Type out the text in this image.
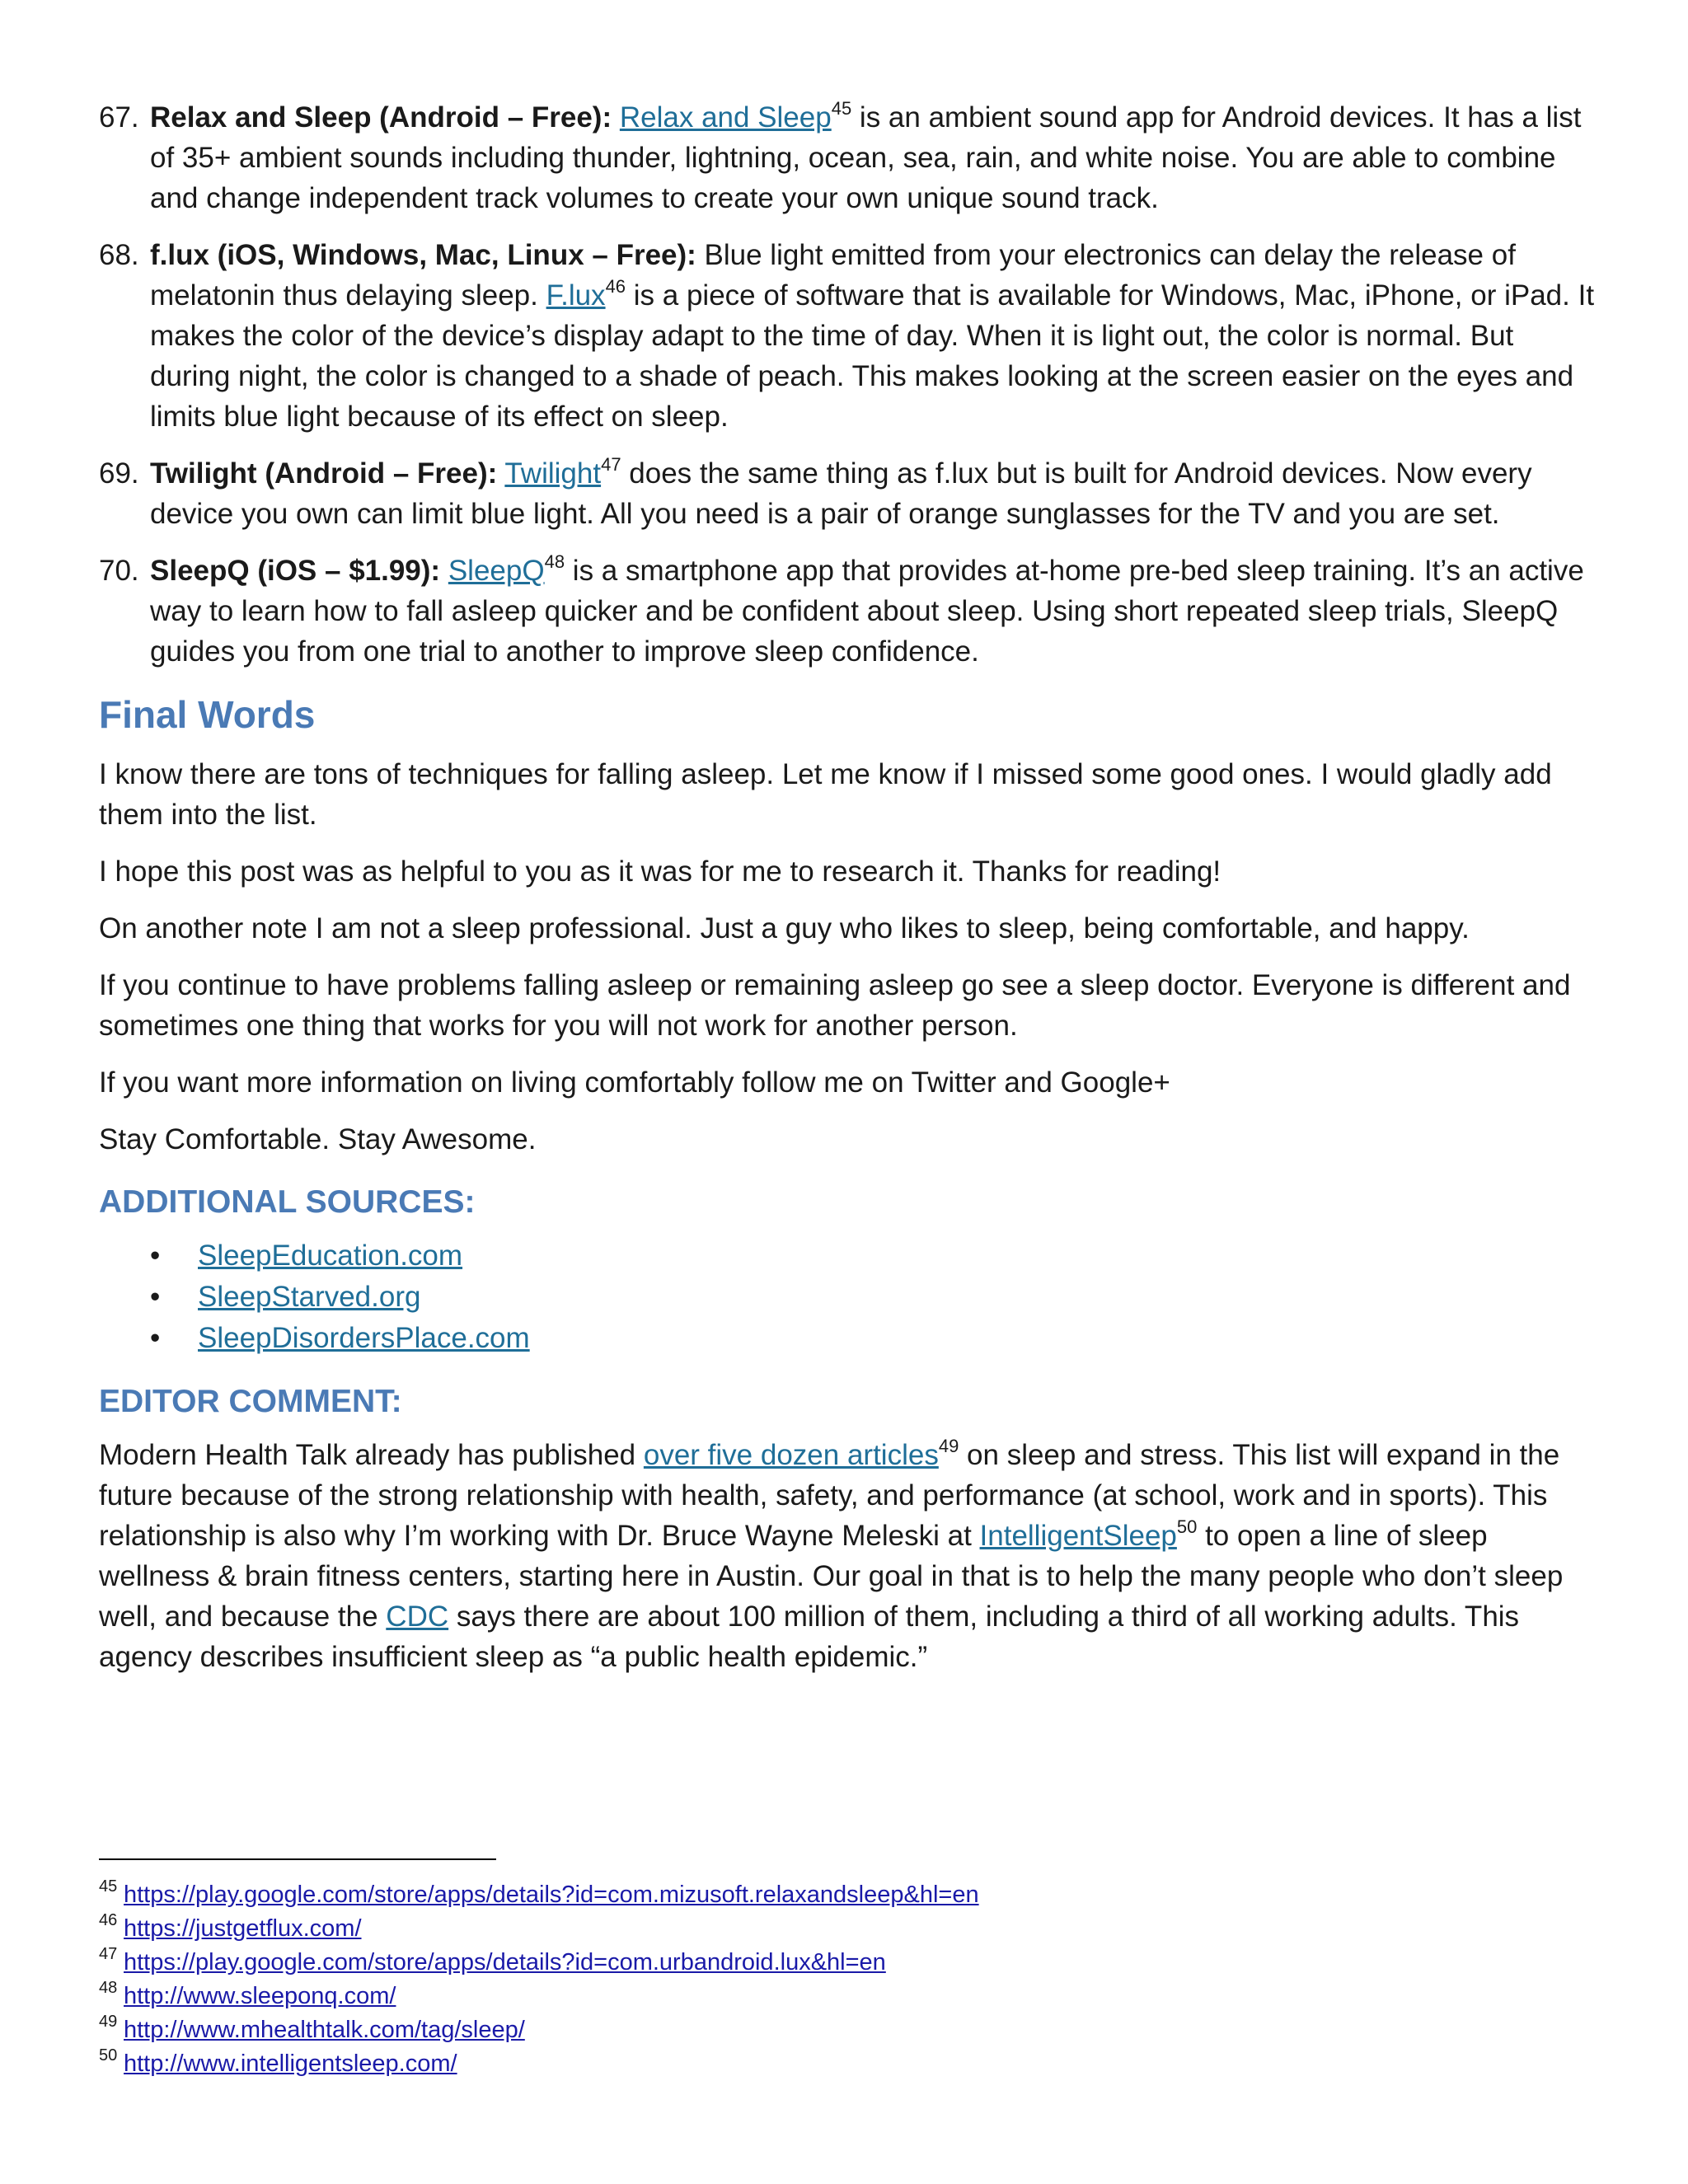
67. Relax and Sleep (Android – Free): Relax and Sleep$^{45}$ is an ambient sound app for Android devices. It has a list of 35+ ambient sounds including thunder, lightning, ocean, sea, rain, and white noise. You are able to combine and change independent track volumes to create your own unique sound track.
68. f.lux (iOS, Windows, Mac, Linux – Free): Blue light emitted from your electronics can delay the release of melatonin thus delaying sleep. F.lux$^{46}$ is a piece of software that is available for Windows, Mac, iPhone, or iPad. It makes the color of the device’s display adapt to the time of day. When it is light out, the color is normal. But during night, the color is changed to a shade of peach. This makes looking at the screen easier on the eyes and limits blue light because of its effect on sleep.
69. Twilight (Android – Free): Twilight$^{47}$ does the same thing as f.lux but is built for Android devices. Now every device you own can limit blue light. All you need is a pair of orange sunglasses for the TV and you are set.
70. SleepQ (iOS – $1.99): SleepQ$^{48}$ is a smartphone app that provides at-home pre-bed sleep training. It’s an active way to learn how to fall asleep quicker and be confident about sleep. Using short repeated sleep trials, SleepQ guides you from one trial to another to improve sleep confidence.
Final Words

I know there are tons of techniques for falling asleep. Let me know if I missed some good ones. I would gladly add them into the list.

I hope this post was as helpful to you as it was for me to research it. Thanks for reading!

On another note I am not a sleep professional. Just a guy who likes to sleep, being comfortable, and happy.

If you continue to have problems falling asleep or remaining asleep go see a sleep doctor. Everyone is different and sometimes one thing that works for you will not work for another person.

If you want more information on living comfortably follow me on Twitter and Google+

Stay Comfortable. Stay Awesome.

ADDITIONAL SOURCES:
• SleepEducation.com
• SleepStarved.org
• SleepDisordersPlace.com
EDITOR COMMENT:

Modern Health Talk already has published over five dozen articles$^{49}$ on sleep and stress. This list will expand in the future because of the strong relationship with health, safety, and performance (at school, work and in sports). This relationship is also why I’m working with Dr. Bruce Wayne Meleski at IntelligentSleep$^{50}$ to open a line of sleep wellness & brain fitness centers, starting here in Austin. Our goal in that is to help the many people who don’t sleep well, and because the CDC says there are about 100 million of them, including a third of all working adults. This agency describes insufficient sleep as “a public health epidemic.”

45 https://play.google.com/store/apps/details?id=com.mizusoft.relaxandsleep&hl=en
46 https://justgetflux.com/
47 https://play.google.com/store/apps/details?id=com.urbandroid.lux&hl=en
48 http://www.sleeponq.com/
49 http://www.mhealthtalk.com/tag/sleep/
50 http://www.intelligentsleep.com/
